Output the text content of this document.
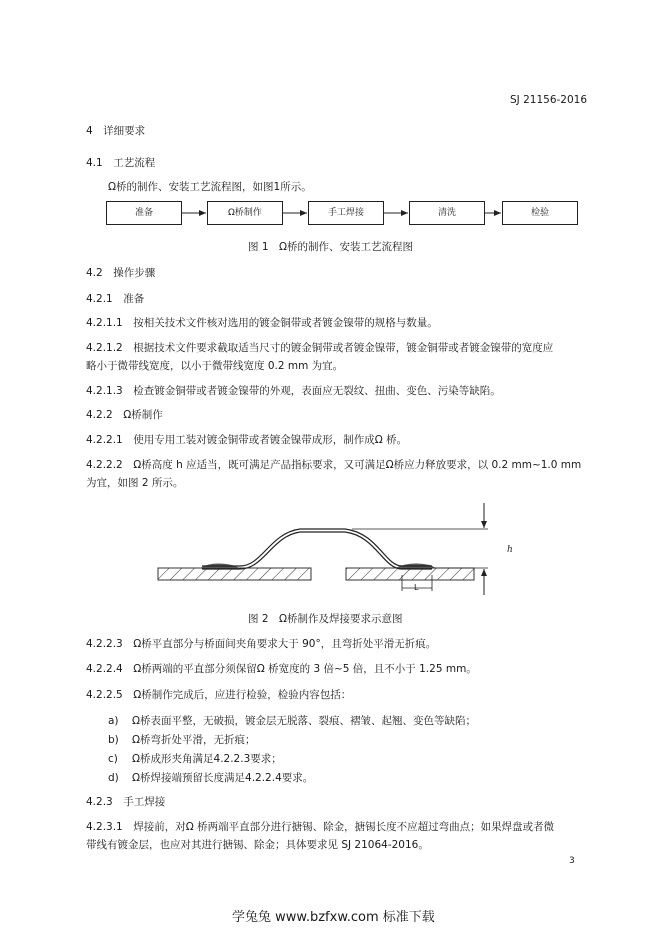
SJ 21156-2016
4　详细要求
4.1　工艺流程
Ω桥的制作、安装工艺流程图，如图1所示。
准备	Ω桥制作	手工焊接	清洗	检验
图 1　Ω桥的制作、安装工艺流程图
4.2　操作步骤
4.2.1　准备
4.2.1.1　按相关技术文件核对选用的镀金铜带或者镀金镍带的规格与数量。
4.2.1.2　根据技术文件要求截取适当尺寸的镀金铜带或者镀金镍带，镀金铜带或者镀金镍带的宽度应
略小于微带线宽度，以小于微带线宽度 0.2 mm 为宜。
4.2.1.3　检查镀金铜带或者镀金镍带的外观，表面应无裂纹、扭曲、变色、污染等缺陷。
4.2.2　Ω桥制作
4.2.2.1　使用专用工装对镀金铜带或者镀金镍带成形，制作成Ω 桥。
4.2.2.2　Ω桥高度 h 应适当，既可满足产品指标要求，又可满足Ω桥应力释放要求，以 0.2 mm~1.0 mm
为宜，如图 2 所示。
h
L
图 2　Ω桥制作及焊接要求示意图
4.2.2.3　Ω桥平直部分与桥面间夹角要求大于 90°，且弯折处平滑无折痕。
4.2.2.4　Ω桥两端的平直部分须保留Ω 桥宽度的 3 倍~5 倍，且不小于 1.25 mm。
4.2.2.5　Ω桥制作完成后，应进行检验，检验内容包括：
a) Ω桥表面平整，无破损，镀金层无脱落、裂痕、褶皱、起翘、变色等缺陷；
b) Ω桥弯折处平滑，无折痕；
c) Ω桥成形夹角满足4.2.2.3要求；
d) Ω桥焊接端预留长度满足4.2.2.4要求。
4.2.3　手工焊接
4.2.3.1　焊接前，对Ω 桥两端平直部分进行搪锡、除金，搪锡长度不应超过弯曲点；如果焊盘或者微
带线有镀金层，也应对其进行搪锡、除金；具体要求见 SJ 21064-2016。
3
学兔兔 www.bzfxw.com 标准下载
